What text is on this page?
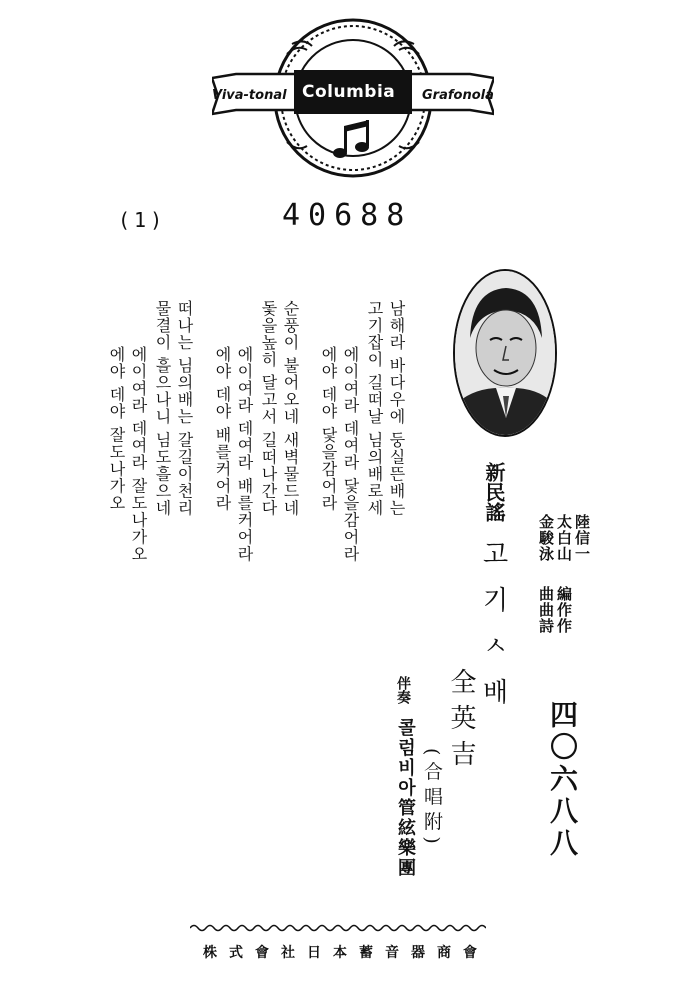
Viva-tonal Columbia Grafonola
(1)	40688
남해라 바다우에 둥실뜬배는
고기잡이 길떠날 님의배로세
에이여라 데여라 닻을감어라
에야 데야 닻을감어라
순풍이 불어오네 새벽물드네
돛을높히 달고서 길떠나간다
에이여라 데여라 배를커어라
에야 데야 배를커어라
떠나는 님의배는 갈길이천리
물결이 흘으나니 님도흘으네
에이여라 데여라 잘도나가오
에야 데야 잘도나가오	新民謠
고기ㅅ배
金駿泳 太白山 陸信一
編作作
曲曲詩
全英吉
(合唱附)
伴奏
콜럼비아管絃樂團	四〇六八八
株式會社日本蓄音器商會
